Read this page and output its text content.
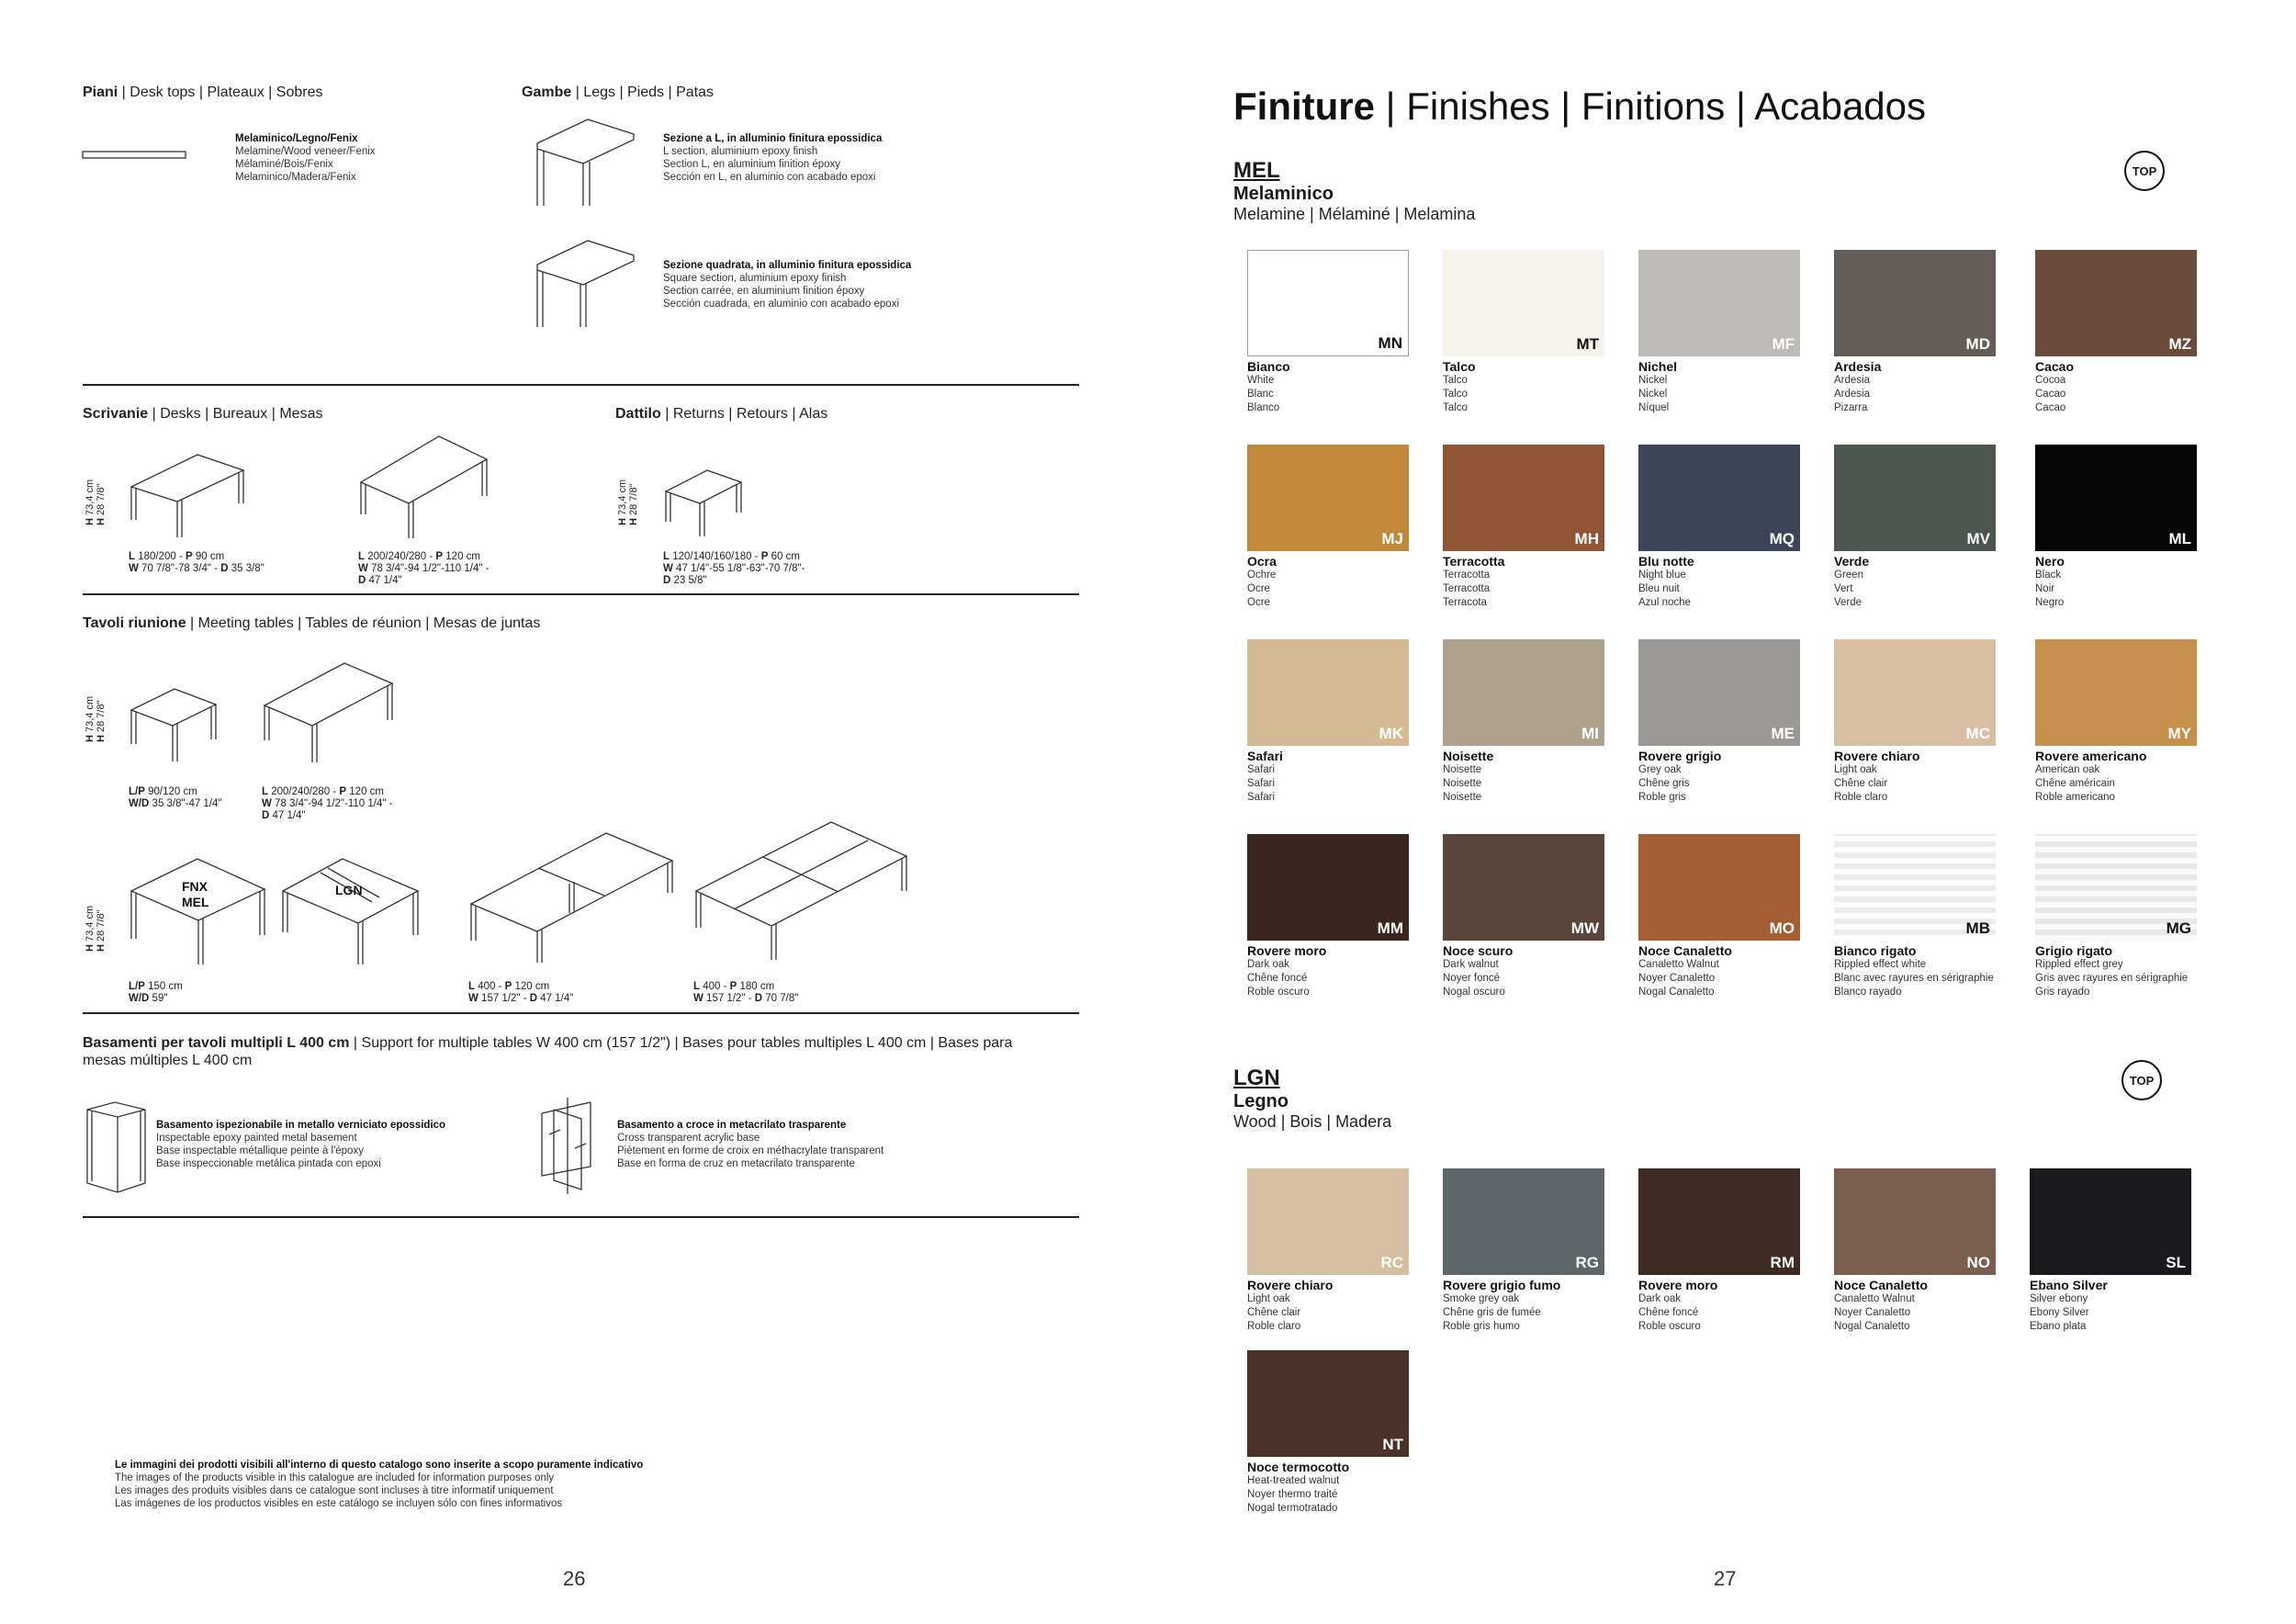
Piani | Desk tops | Plateaux | Sobres
Melaminico/Legno/Fenix
Melamine/Wood veneer/Fenix
Mélaminé/Bois/Fenix
Melaminico/Madera/Fenix
Gambe | Legs | Pieds | Patas
Sezione a L, in alluminio finitura epossidica
L section, aluminium epoxy finish
Section L, en aluminium finition époxy
Sección en L, en aluminio con acabado epoxi
Sezione quadrata, in alluminio finitura epossidica
Square section, aluminium epoxy finish
Section carrée, en aluminium finition époxy
Sección cuadrada, en aluminio con acabado epoxi
Scrivanie | Desks | Bureaux | Mesas
H 73,4 cm
H 28 7/8"
L 180/200 - P 90 cm
W 70 7/8"-78 3/4" - D 35 3/8"
L 200/240/280 - P 120 cm
W 78 3/4"-94 1/2"-110 1/4" -
D 47 1/4"
Dattilo | Returns | Retours | Alas
H 73,4 cm
H 28 7/8"
L 120/140/160/180 - P 60 cm
W 47 1/4"-55 1/8"-63"-70 7/8"-
D 23 5/8"
Tavoli riunione | Meeting tables | Tables de réunion | Mesas de juntas
H 73,4 cm
H 28 7/8"
L/P 90/120 cm
W/D 35 3/8"-47 1/4"
L 200/240/280 - P 120 cm
W 78 3/4"-94 1/2"-110 1/4" -
D 47 1/4"
H 73,4 cm
H 28 7/8"
FNX
MEL
LGN
L/P 150 cm
W/D 59"
L 400 - P 120 cm
W 157 1/2" - D 47 1/4"
L 400 - P 180 cm
W 157 1/2" - D 70 7/8"
Basamenti per tavoli multipli L 400 cm | Support for multiple tables W 400 cm (157 1/2") | Bases pour tables multiples L 400 cm | Bases para mesas múltiples L 400 cm
Basamento ispezionabile in metallo verniciato epossidico
Inspectable epoxy painted metal basement
Base inspectable métallique peinte à l'époxy
Base inspeccionable metálica pintada con epoxi
Basamento a croce in metacrilato trasparente
Cross transparent acrylic base
Piètement en forme de croix en méthacrylate transparent
Base en forma de cruz en metacrilato transparente
Le immagini dei prodotti visibili all'interno di questo catalogo sono inserite a scopo puramente indicativo
The images of the products visible in this catalogue are included for information purposes only
Les images des produits visibles dans ce catalogue sont incluses à titre informatif uniquement
Las imágenes de los productos visibles en este catálogo se incluyen sólo con fines informativos
26
Finiture | Finishes | Finitions | Acabados
MEL
Melaminico
Melamine | Mélaminé | Melamina
TOP
MN
Bianco
White
Blanc
Blanco
MT
Talco
Talco
Talco
Talco
MF
Nichel
Nickel
Nickel
Níquel
MD
Ardesia
Ardesia
Ardesia
Pizarra
MZ
Cacao
Cocoa
Cacao
Cacao
MJ
Ocra
Ochre
Ocre
Ocre
MH
Terracotta
Terracotta
Terracotta
Terracota
MQ
Blu notte
Night blue
Bleu nuit
Azul noche
MV
Verde
Green
Vert
Verde
ML
Nero
Black
Noir
Negro
MK
Safari
Safari
Safari
Safari
MI
Noisette
Noisette
Noisette
Noisette
ME
Rovere grigio
Grey oak
Chêne gris
Roble gris
MC
Rovere chiaro
Light oak
Chêne clair
Roble claro
MY
Rovere americano
American oak
Chêne américain
Roble americano
MM
Rovere moro
Dark oak
Chêne foncé
Roble oscuro
MW
Noce scuro
Dark walnut
Noyer foncé
Nogal oscuro
MO
Noce Canaletto
Canaletto Walnut
Noyer Canaletto
Nogal Canaletto
MB
Bianco rigato
Rippled effect white
Blanc avec rayures en sérigraphie
Blanco rayado
MG
Grigio rigato
Rippled effect grey
Gris avec rayures en sérigraphie
Gris rayado
LGN
Legno
Wood | Bois | Madera
TOP
RC
Rovere chiaro
Light oak
Chêne clair
Roble claro
RG
Rovere grigio fumo
Smoke grey oak
Chêne gris de fumée
Roble gris humo
RM
Rovere moro
Dark oak
Chêne foncé
Roble oscuro
NO
Noce Canaletto
Canaletto Walnut
Noyer Canaletto
Nogal Canaletto
SL
Ebano Silver
Silver ebony
Ebony Silver
Ebano plata
NT
Noce termocotto
Heat-treated walnut
Noyer thermo traité
Nogal termotratado
27
